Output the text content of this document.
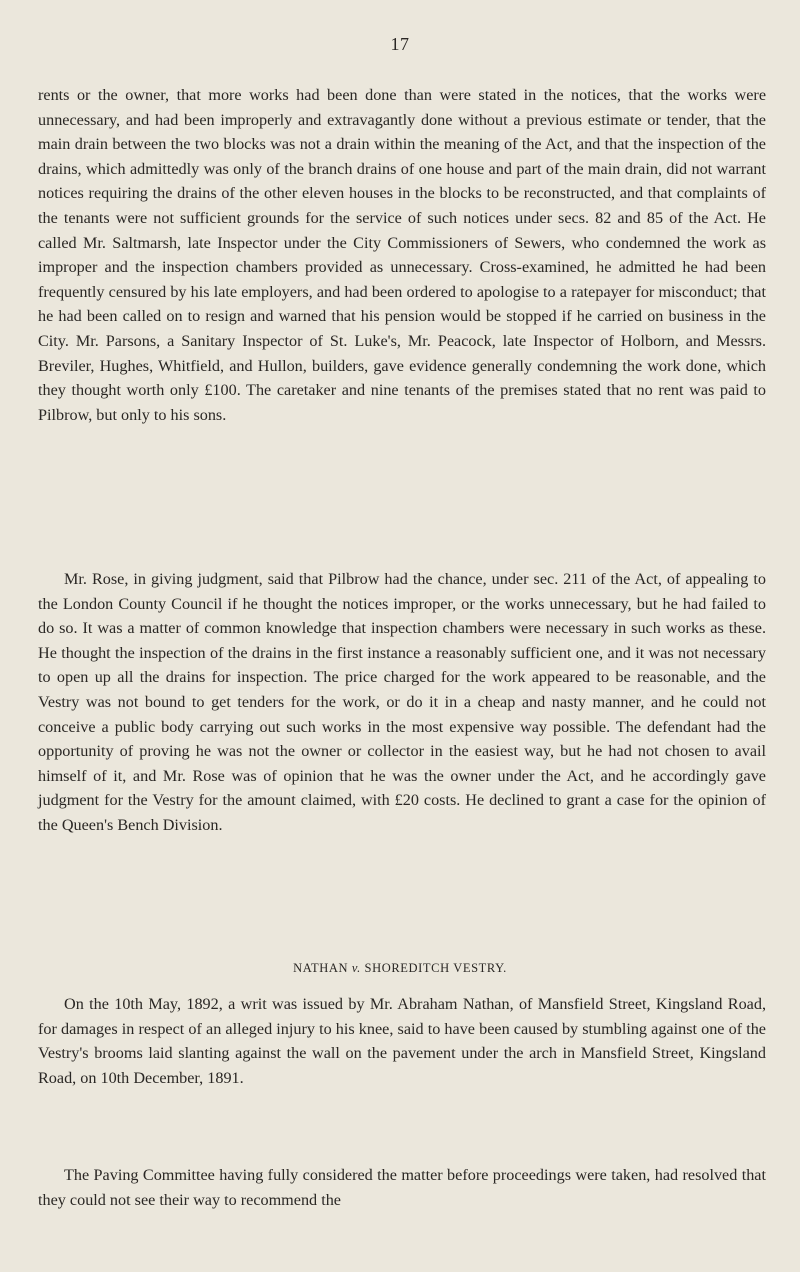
17

rents or the owner, that more works had been done than were stated in the notices, that the works were unnecessary, and had been improperly and extravagantly done without a previous estimate or tender, that the main drain between the two blocks was not a drain within the meaning of the Act, and that the inspection of the drains, which admittedly was only of the branch drains of one house and part of the main drain, did not warrant notices requiring the drains of the other eleven houses in the blocks to be reconstructed, and that complaints of the tenants were not sufficient grounds for the service of such notices under secs. 82 and 85 of the Act. He called Mr. Saltmarsh, late Inspector under the City Commissioners of Sewers, who condemned the work as improper and the inspection chambers provided as unnecessary. Cross-examined, he admitted he had been frequently censured by his late employers, and had been ordered to apologise to a ratepayer for misconduct; that he had been called on to resign and warned that his pension would be stopped if he carried on business in the City. Mr. Parsons, a Sanitary Inspector of St. Luke's, Mr. Peacock, late Inspector of Holborn, and Messrs. Breviler, Hughes, Whitfield, and Hullon, builders, gave evidence generally condemning the work done, which they thought worth only £100. The caretaker and nine tenants of the premises stated that no rent was paid to Pilbrow, but only to his sons.

Mr. Rose, in giving judgment, said that Pilbrow had the chance, under sec. 211 of the Act, of appealing to the London County Council if he thought the notices improper, or the works unnecessary, but he had failed to do so. It was a matter of common knowledge that inspection chambers were necessary in such works as these. He thought the inspection of the drains in the first instance a reasonably sufficient one, and it was not necessary to open up all the drains for inspection. The price charged for the work appeared to be reasonable, and the Vestry was not bound to get tenders for the work, or do it in a cheap and nasty manner, and he could not conceive a public body carrying out such works in the most expensive way possible. The defendant had the opportunity of proving he was not the owner or collector in the easiest way, but he had not chosen to avail himself of it, and Mr. Rose was of opinion that he was the owner under the Act, and he accordingly gave judgment for the Vestry for the amount claimed, with £20 costs. He declined to grant a case for the opinion of the Queen's Bench Division.

NATHAN v. SHOREDITCH VESTRY.

On the 10th May, 1892, a writ was issued by Mr. Abraham Nathan, of Mansfield Street, Kingsland Road, for damages in respect of an alleged injury to his knee, said to have been caused by stumbling against one of the Vestry's brooms laid slanting against the wall on the pavement under the arch in Mansfield Street, Kingsland Road, on 10th December, 1891.

The Paving Committee having fully considered the matter before proceedings were taken, had resolved that they could not see their way to recommend the
